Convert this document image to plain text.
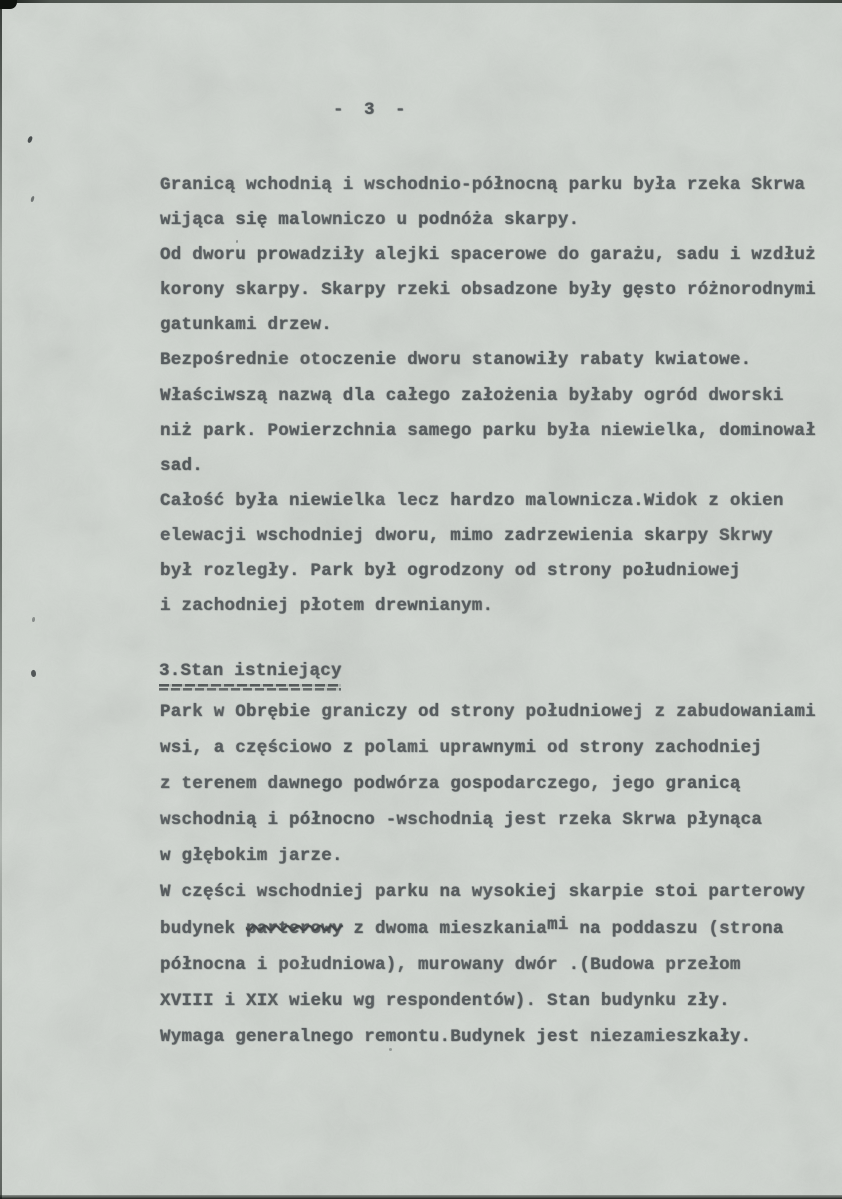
- 3 -
Granicą wchodnią i wschodnio-północną parku była rzeka Skrwa
wijąca się malowniczo u podnóża skarpy.
Od dworu prowadziły alejki spacerowe do garażu, sadu i wzdłuż
korony skarpy. Skarpy rzeki obsadzone były gęsto różnorodnymi
gatunkami drzew.
Bezpośrednie otoczenie dworu stanowiły rabaty kwiatowe.
Właściwszą nazwą dla całego założenia byłaby ogród dworski
niż park. Powierzchnia samego parku była niewielka, dominował
sad.
Całość była niewielka lecz hardzo malownicza.Widok z okien
elewacji wschodniej dworu, mimo zadrzewienia skarpy Skrwy
był rozległy. Park był ogrodzony od strony południowej
i zachodniej płotem drewnianym.
3.Stan istniejący
Park w Obrębie graniczy od strony południowej z zabudowaniami
wsi, a częściowo z polami uprawnymi od strony zachodniej
z terenem dawnego podwórza gospodarczego, jego granicą
wschodnią i północno -wschodnią jest rzeka Skrwa płynąca
w głębokim jarze.
W części wschodniej parku na wysokiej skarpie stoi parterowy
budynek parterowy z dwoma mieszkaniami na poddaszu (strona
północna i południowa), murowany dwór .(Budowa przełom
XVIII i XIX wieku wg respondentów). Stan budynku zły.
Wymaga generalnego remontu.Budynek jest niezamieszkały.
